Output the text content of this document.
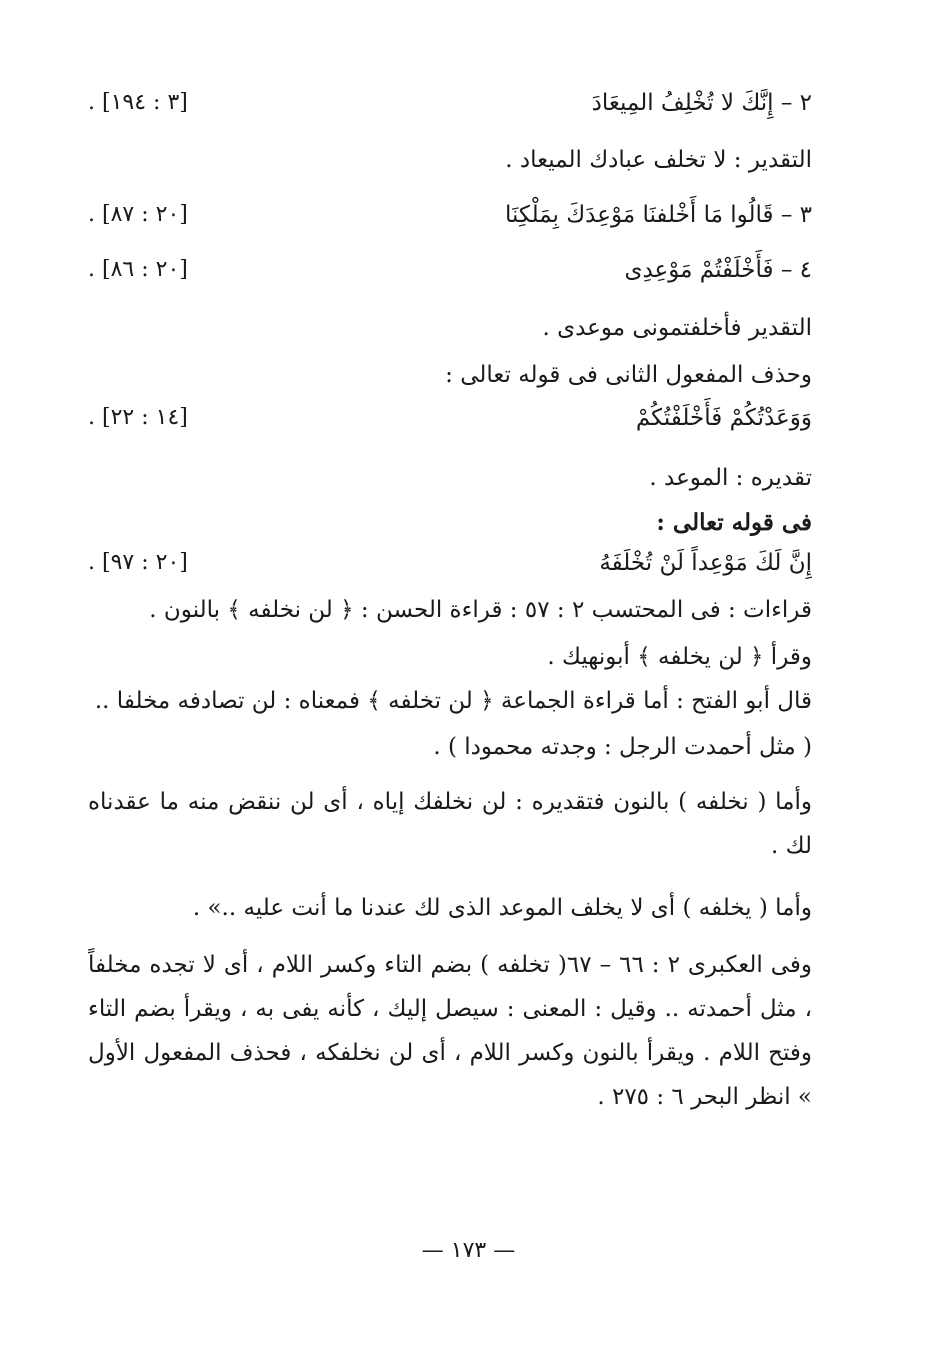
٢ – إِنَّكَ لا تُخْلِفُ المِيعَادَ
[٣ : ١٩٤] .
التقدير : لا تخلف عبادك الميعاد .
٣ – قَالُوا مَا أَخْلفنَا مَوْعِدَكَ بِمَلْكِنَا
[٢٠ : ٨٧] .
٤ – فَأَخْلَفْتُمْ مَوْعِدِى
[٢٠ : ٨٦] .
التقدير فأخلفتمونى موعدى .
وحذف المفعول الثانى فى قوله تعالى :
وَوَعَدْتُكُمْ فَأَخْلَفْتُكُمْ
[١٤ : ٢٢] .
تقديره : الموعد .
فى قوله تعالى :
إِنَّ لَكَ مَوْعِداً لَنْ تُخْلَفَهُ
[٢٠ : ٩٧] .
قراءات : فى المحتسب ٢ : ٥٧ : قراءة الحسن : ﴿ لن نخلفه ﴾ بالنون .
وقرأ ﴿ لن يخلفه ﴾ أبونهيك .
قال أبو الفتح : أما قراءة الجماعة ﴿ لن تخلفه ﴾ فمعناه : لن تصادفه مخلفا ..
( مثل أحمدت الرجل : وجدته محمودا ) .
وأما ( نخلفه ) بالنون فتقديره : لن نخلفك إياه ، أى لن ننقض منه ما عقدناه لك .
وأما ( يخلفه ) أى لا يخلف الموعد الذى لك عندنا ما أنت عليه ..» .
وفى العكبرى ٢ : ٦٦ – ٦٧( تخلفه ) بضم التاء وكسر اللام ، أى لا تجده مخلفاً ، مثل أحمدته .. وقيل : المعنى : سيصل إليك ، كأنه يفى به ، ويقرأ بضم التاء وفتح اللام . ويقرأ بالنون وكسر اللام ، أى لن نخلفكه ، فحذف المفعول الأول » انظر البحر ٦ : ٢٧٥ .
— ١٧٣ —
